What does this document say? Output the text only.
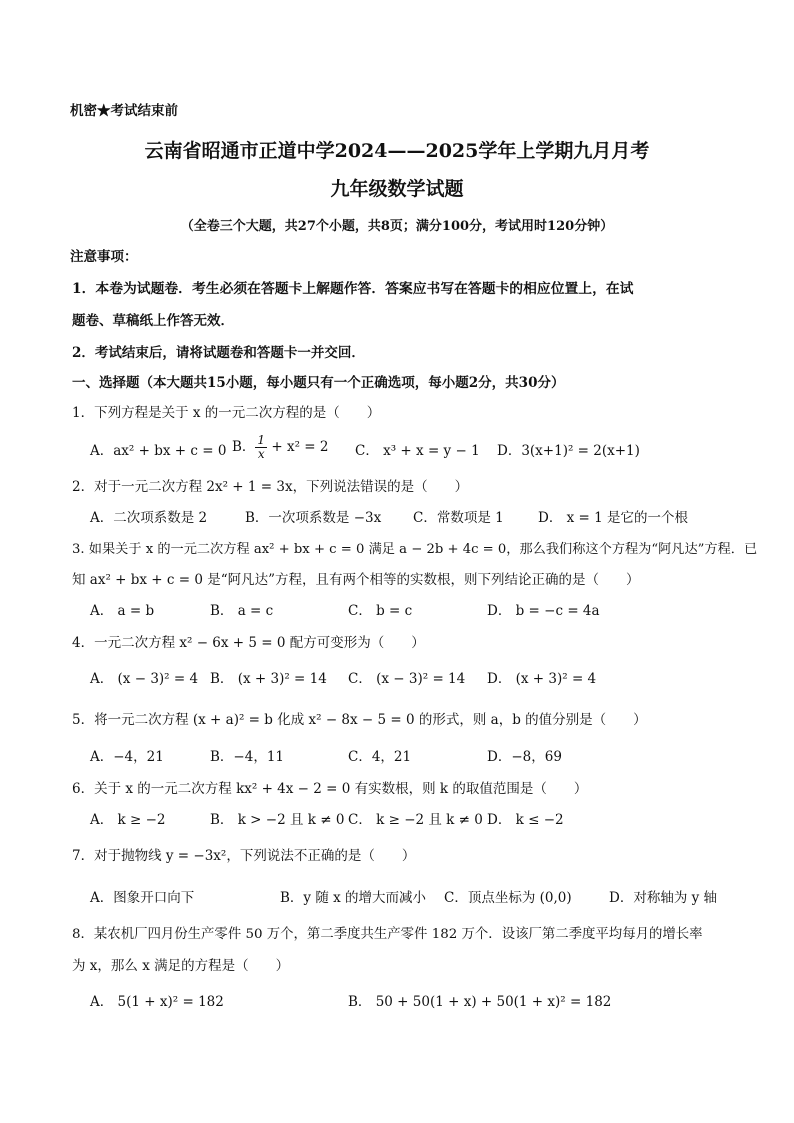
机密★考试结束前
云南省昭通市正道中学2024——2025学年上学期九月月考
九年级数学试题
（全卷三个大题，共27个小题，共8页；满分100分，考试用时120分钟）
注意事项：
1．本卷为试题卷．考生必须在答题卡上解题作答．答案应书写在答题卡的相应位置上，在试
题卷、草稿纸上作答无效．
2．考试结束后，请将试题卷和答题卡一并交回．
一、选择题（本大题共15小题，每小题只有一个正确选项，每小题2分，共30分）
1．下列方程是关于 x 的一元二次方程的是（　　）
A．ax² + bx + c = 0 B． $\frac{1}{x} + x^2 = 2$ C． x³ + x = y − 1 D．3(x+1)² = 2(x+1)
2．对于一元二次方程 2x² + 1 = 3x，下列说法错误的是（　　）
A．二次项系数是 2	B．一次项系数是 −3x C．常数项是 1	D． x = 1 是它的一个根
3. 如果关于 x 的一元二次方程 ax² + bx + c = 0 满足 a − 2b + 4c = 0，那么我们称这个方程为“阿凡达”方程．已
知 ax² + bx + c = 0 是“阿凡达”方程，且有两个相等的实数根，则下列结论正确的是（　　）
A． a = b	B． a = c	C． b = c	D． b = −c = 4a
4．一元二次方程 x² − 6x + 5 = 0 配方可变形为（　　）
A． (x − 3)² = 4 B． (x + 3)² = 14 C． (x − 3)² = 14 D． (x + 3)² = 4
5．将一元二次方程 (x + a)² = b 化成 x² − 8x − 5 = 0 的形式，则 a，b 的值分别是（　　）
A．−4，21	B．−4，11	C．4，21	D．−8，69
6．关于 x 的一元二次方程 kx² + 4x − 2 = 0 有实数根，则 k 的取值范围是（　　）
A． k ≥ −2	B． k > −2 且 k ≠ 0 C． k ≥ −2 且 k ≠ 0 D． k ≤ −2
7．对于抛物线 y = −3x²，下列说法不正确的是（　　）
A．图象开口向下	B．y 随 x 的增大而减小 C．顶点坐标为 (0,0)	D．对称轴为 y 轴
8．某农机厂四月份生产零件 50 万个，第二季度共生产零件 182 万个．设该厂第二季度平均每月的增长率
为 x，那么 x 满足的方程是（　　）
A． 5(1 + x)² = 182	B． 50 + 50(1 + x) + 50(1 + x)² = 182
